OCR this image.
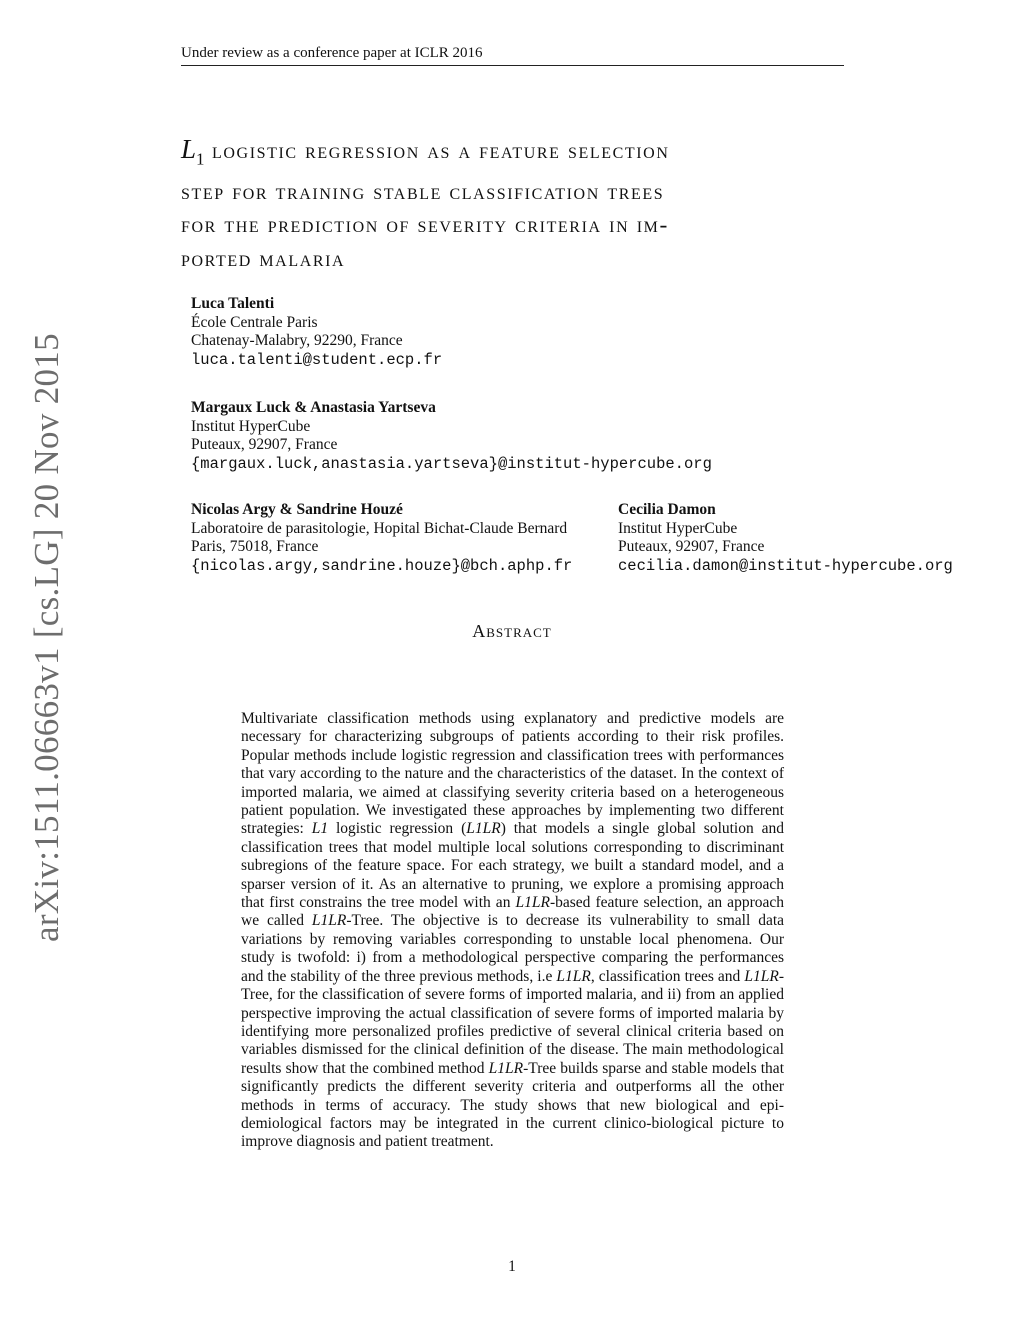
Under review as a conference paper at ICLR 2016
arXiv:1511.06663v1 [cs.LG] 20 Nov 2015
$L_1$ logistic regression as a feature selection
step for training stable classification trees
for the prediction of severity criteria in im-
ported malaria
Luca Talenti
École Centrale Paris
Chatenay-Malabry, 92290, France
luca.talenti@student.ecp.fr
Margaux Luck & Anastasia Yartseva
Institut HyperCube
Puteaux, 92907, France
{margaux.luck,anastasia.yartseva}@institut-hypercube.org
Nicolas Argy & Sandrine Houzé
Laboratoire de parasitologie, Hopital Bichat-Claude Bernard
Paris, 75018, France
{nicolas.argy,sandrine.houze}@bch.aphp.fr
Cecilia Damon
Institut HyperCube
Puteaux, 92907, France
cecilia.damon@institut-hypercube.org
Abstract
Multivariate classification methods using explanatory and predictive models are necessary for characterizing subgroups of patients according to their risk profiles. Popular methods include logistic regression and classification trees with performances that vary according to the nature and the characteristics of the dataset. In the context of imported malaria, we aimed at classifying severity criteria based on a heterogeneous patient population. We investigated these approaches by implementing two different strategies: L1 logistic regression (L1LR) that models a single global solution and classification trees that model multiple local solutions corresponding to discriminant subregions of the feature space. For each strategy, we built a standard model, and a sparser version of it. As an alternative to pruning, we explore a promising approach that first constrains the tree model with an L1LR-based feature selection, an approach we called L1LR-Tree. The objective is to decrease its vulnerability to small data variations by removing variables corresponding to unstable local phenomena. Our study is twofold: i) from a methodological perspective comparing the performances and the stability of the three previous methods, i.e L1LR, classification trees and L1LR-Tree, for the classification of severe forms of imported malaria, and ii) from an applied perspective improving the actual classification of severe forms of imported malaria by identifying more personalized profiles predictive of several clinical criteria based on variables dismissed for the clinical definition of the disease. The main methodological results show that the combined method L1LR-Tree builds sparse and stable models that significantly predicts the different severity criteria and outperforms all the other methods in terms of accuracy. The study shows that new biological and epidemiological factors may be integrated in the current clinico-biological picture to improve diagnosis and patient treatment.
1
